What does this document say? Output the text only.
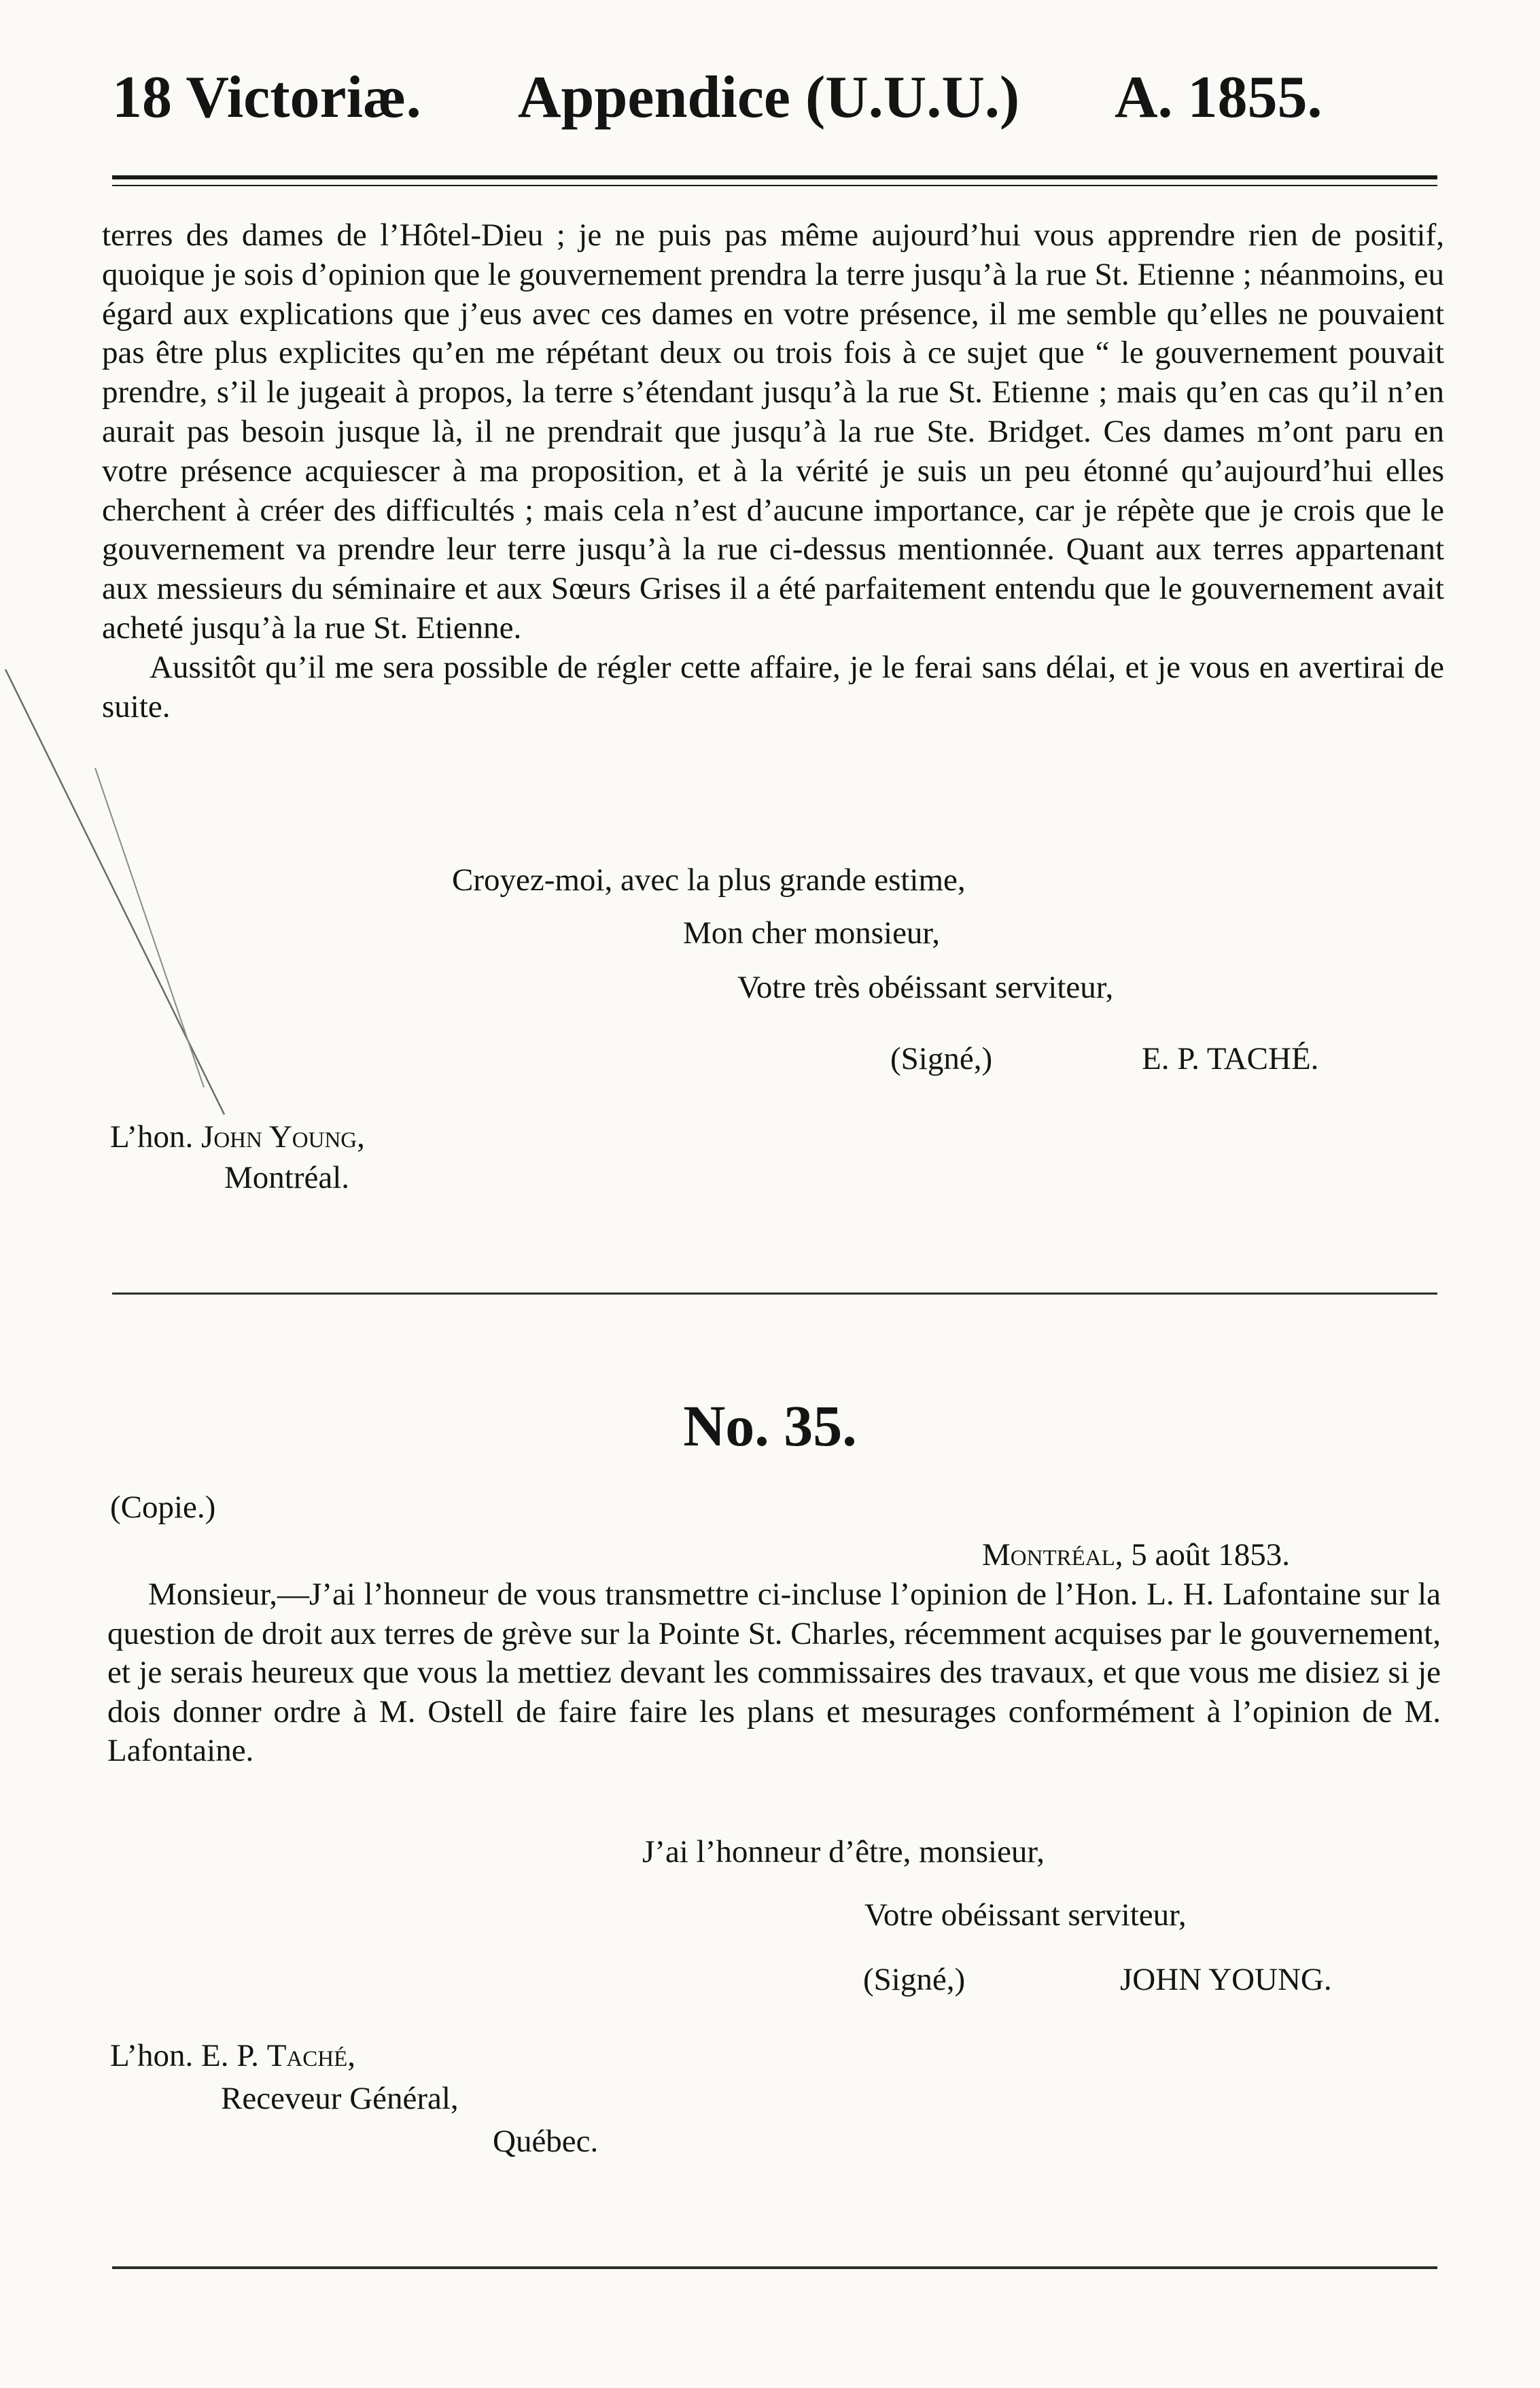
18 Victoriæ. Appendice (U.U.U.) A. 1855.

terres des dames de l’Hôtel-Dieu ; je ne puis pas même aujourd’hui vous apprendre rien de positif, quoique je sois d’opinion que le gouvernement prendra la terre jusqu’à la rue St. Etienne ; néanmoins, eu égard aux explications que j’eus avec ces dames en votre présence, il me semble qu’elles ne pouvaient pas être plus explicites qu’en me répétant deux ou trois fois à ce sujet que “ le gouvernement pouvait prendre, s’il le jugeait à propos, la terre s’étendant jusqu’à la rue St. Etienne ; mais qu’en cas qu’il n’en aurait pas besoin jusque là, il ne prendrait que jusqu’à la rue Ste. Bridget. Ces dames m’ont paru en votre présence acquiescer à ma proposition, et à la vérité je suis un peu étonné qu’aujourd’hui elles cherchent à créer des difficultés ; mais cela n’est d’aucune importance, car je répète que je crois que le gouvernement va prendre leur terre jusqu’à la rue ci-dessus mentionnée. Quant aux terres appartenant aux messieurs du séminaire et aux Sœurs Grises il a été parfaitement entendu que le gouvernement avait acheté jusqu’à la rue St. Etienne.

Aussitôt qu’il me sera possible de régler cette affaire, je le ferai sans délai, et je vous en avertirai de suite.

Croyez-moi, avec la plus grande estime,
Mon cher monsieur,
Votre très obéissant serviteur,
(Signé,)	E. P. TACHÉ.
L’hon. John Young,
Montréal.
No. 35.
(Copie.)
Montréal, 5 août 1853.

Monsieur,—J’ai l’honneur de vous transmettre ci-incluse l’opinion de l’Hon. L. H. Lafontaine sur la question de droit aux terres de grève sur la Pointe St. Charles, récemment acquises par le gouvernement, et je serais heureux que vous la mettiez devant les commissaires des travaux, et que vous me disiez si je dois donner ordre à M. Ostell de faire faire les plans et mesurages conformément à l’opinion de M. Lafontaine.

J’ai l’honneur d’être, monsieur,
Votre obéissant serviteur,
(Signé,)	JOHN YOUNG.
L’hon. E. P. Taché,
Receveur Général,
Québec.
